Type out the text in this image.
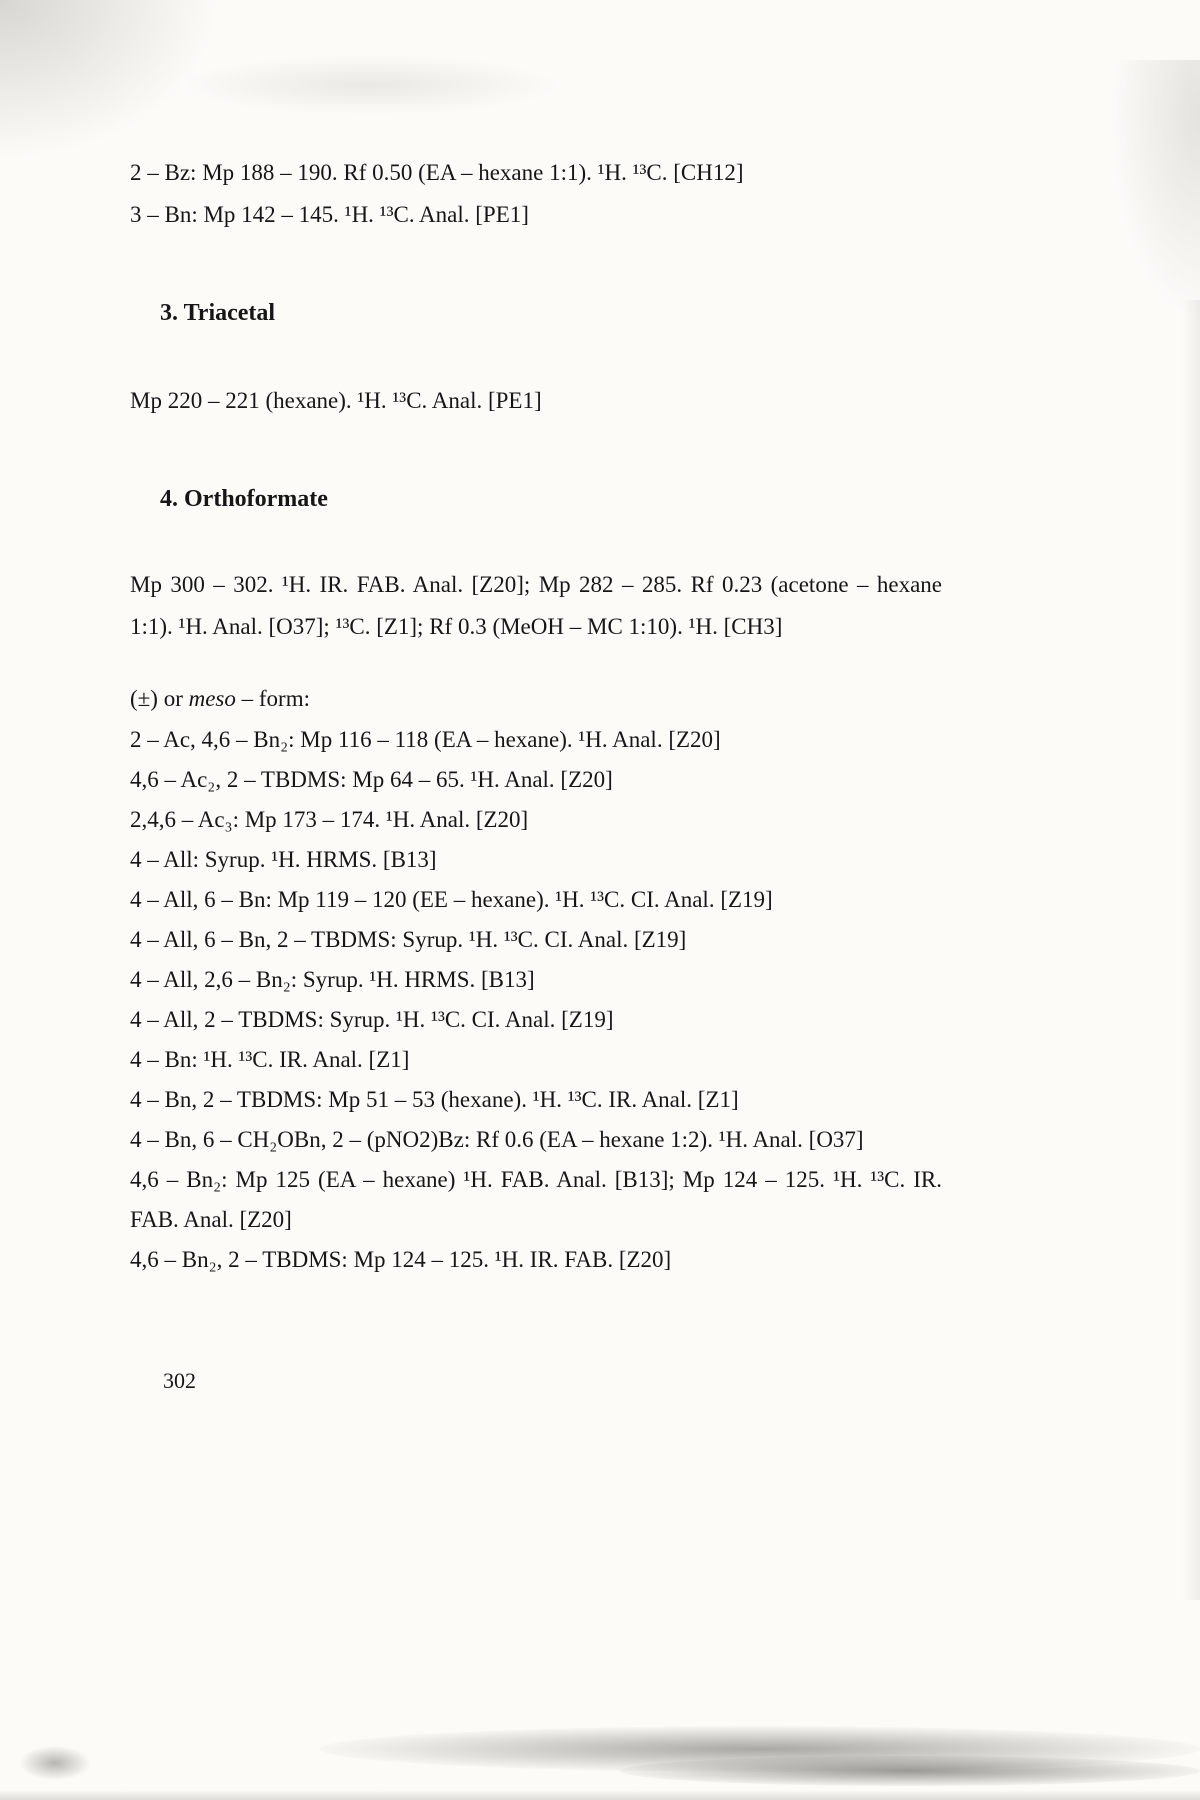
2 – Bz: Mp 188 – 190. Rf 0.50 (EA – hexane 1:1). ¹H. ¹³C. [CH12]

3 – Bn: Mp 142 – 145. ¹H. ¹³C. Anal. [PE1]

3. Triacetal

Mp 220 – 221 (hexane). ¹H. ¹³C. Anal. [PE1]

4. Orthoformate

Mp 300 – 302. ¹H. IR. FAB. Anal. [Z20]; Mp 282 – 285. Rf 0.23 (acetone – hexane 1:1). ¹H. Anal. [O37]; ¹³C. [Z1]; Rf 0.3 (MeOH – MC 1:10). ¹H. [CH3]

(±) or meso – form:

2 – Ac, 4,6 – Bn₂: Mp 116 – 118 (EA – hexane). ¹H. Anal. [Z20]

4,6 – Ac₂, 2 – TBDMS: Mp 64 – 65. ¹H. Anal. [Z20]

2,4,6 – Ac₃: Mp 173 – 174. ¹H. Anal. [Z20]

4 – All: Syrup. ¹H. HRMS. [B13]

4 – All, 6 – Bn: Mp 119 – 120 (EE – hexane). ¹H. ¹³C. CI. Anal. [Z19]

4 – All, 6 – Bn, 2 – TBDMS: Syrup. ¹H. ¹³C. CI. Anal. [Z19]

4 – All, 2,6 – Bn₂: Syrup. ¹H. HRMS. [B13]

4 – All, 2 – TBDMS: Syrup. ¹H. ¹³C. CI. Anal. [Z19]

4 – Bn: ¹H. ¹³C. IR. Anal. [Z1]

4 – Bn, 2 – TBDMS: Mp 51 – 53 (hexane). ¹H. ¹³C. IR. Anal. [Z1]

4 – Bn, 6 – CH₂OBn, 2 – (pNO2)Bz: Rf 0.6 (EA – hexane 1:2). ¹H. Anal. [O37]

4,6 – Bn₂: Mp 125 (EA – hexane) ¹H. FAB. Anal. [B13]; Mp 124 – 125. ¹H. ¹³C. IR. FAB. Anal. [Z20]

4,6 – Bn₂, 2 – TBDMS: Mp 124 – 125. ¹H. IR. FAB. [Z20]

302
